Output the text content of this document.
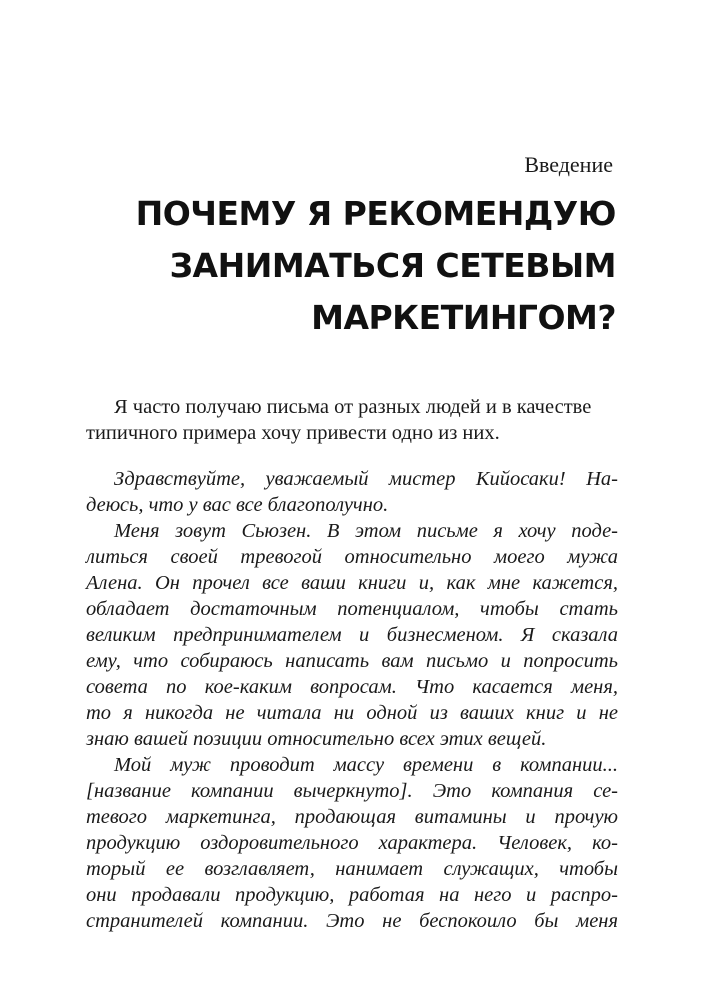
Введение
ПОЧЕМУ Я РЕКОМЕНДУЮ
ЗАНИМАТЬСЯ СЕТЕВЫМ
МАРКЕТИНГОМ?

Я часто получаю письма от разных людей и в качестве
типичного примера хочу привести одно из них.

Здравствуйте, уважаемый мистер Кийосаки! На-
деюсь, что у вас все благополучно.

Меня зовут Сьюзен. В этом письме я хочу поде-
литься своей тревогой относительно моего мужа
Алена. Он прочел все ваши книги и, как мне кажется,
обладает достаточным потенциалом, чтобы стать
великим предпринимателем и бизнесменом. Я сказала
ему, что собираюсь написать вам письмо и попросить
совета по кое-каким вопросам. Что касается меня,
то я никогда не читала ни одной из ваших книг и не
знаю вашей позиции относительно всех этих вещей.

Мой муж проводит массу времени в компании...
[название компании вычеркнуто]. Это компания се-
тевого маркетинга, продающая витамины и прочую
продукцию оздоровительного характера. Человек, ко-
торый ее возглавляет, нанимает служащих, чтобы
они продавали продукцию, работая на него и распро-
странителей компании. Это не беспокоило бы меня
